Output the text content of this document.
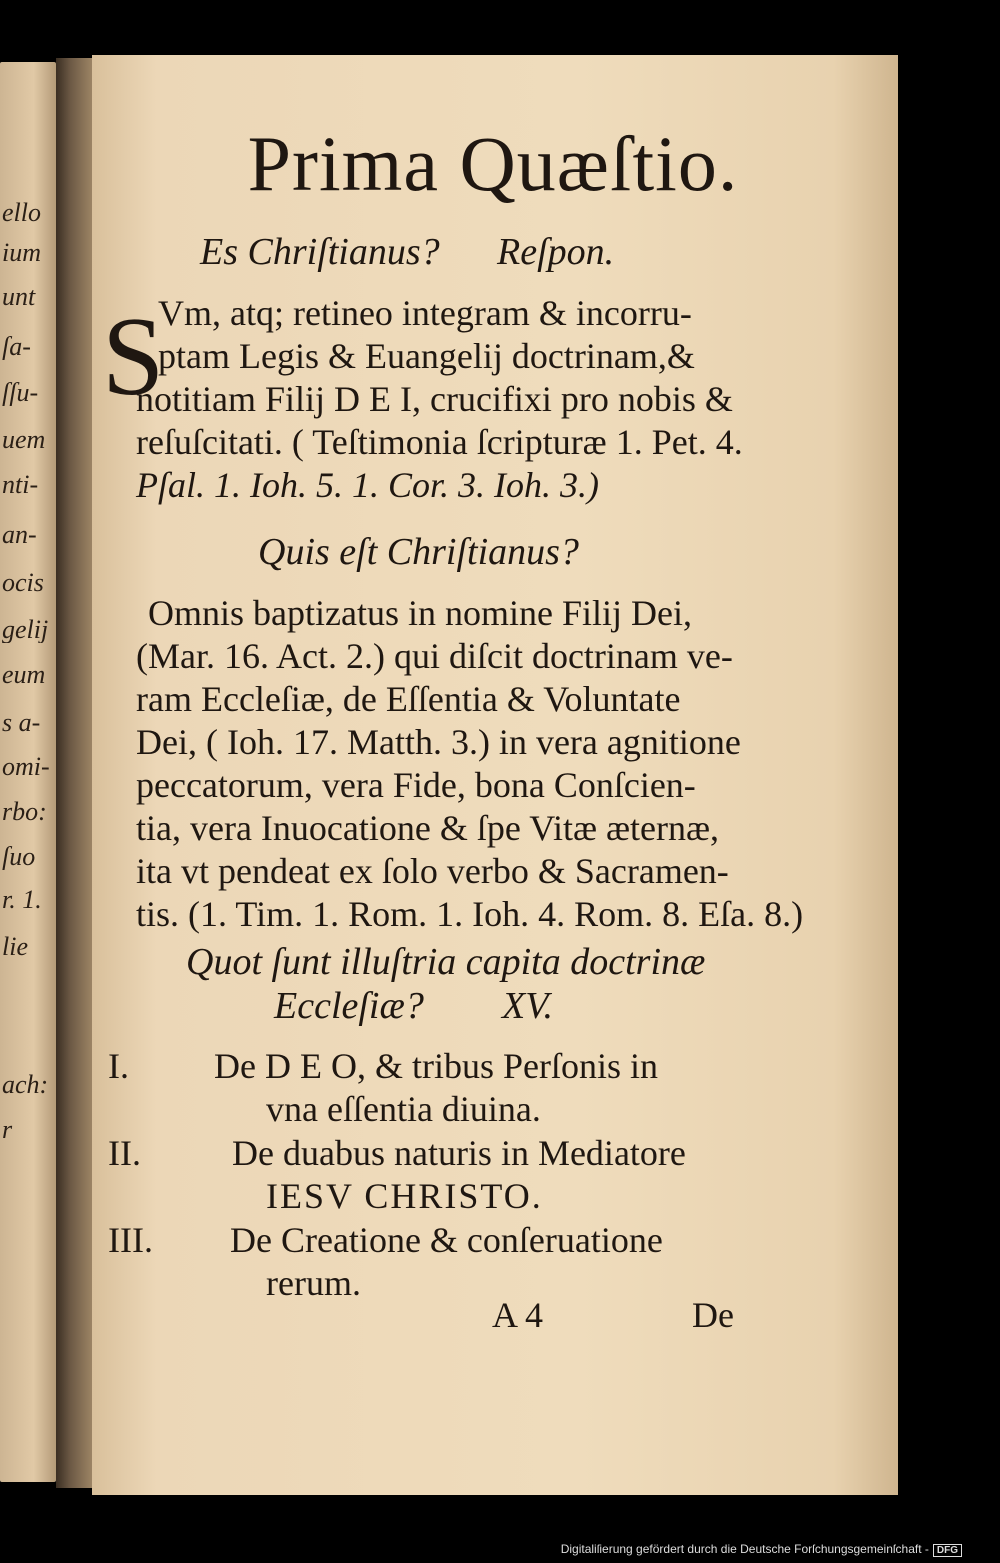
ello
ium
unt
ſa-
ſſu-
uem
nti-
an-
ocis
gelij
eum
s a-
omi-
rbo:
ſuo
r. 1.
lie
ach:
r
Prima Quæſtio.
Es Chriſtianus? Reſpon.
S
Vm, atq; retineo integram & incorru-
ptam Legis & Euangelij doctrinam,&
notitiam Filij D E I, crucifixi pro nobis &
reſuſcitati. ( Teſtimonia ſcripturæ 1. Pet. 4.
Pſal. 1. Ioh. 5. 1. Cor. 3. Ioh. 3.)
Quis eſt Chriſtianus?
Omnis baptizatus in nomine Filij Dei,
(Mar. 16. Act. 2.) qui diſcit doctrinam ve-
ram Eccleſiæ, de Eſſentia & Voluntate
Dei, ( Ioh. 17. Matth. 3.) in vera agnitione
peccatorum, vera Fide, bona Conſcien-
tia, vera Inuocatione & ſpe Vitæ æternæ,
ita vt pendeat ex ſolo verbo & Sacramen-
tis. (1. Tim. 1. Rom. 1. Ioh. 4. Rom. 8. Eſa. 8.)
Quot ſunt illuſtria capita doctrinæ
Eccleſiæ? XV.
I. De D E O, & tribus Perſonis in
vna eſſentia diuina.
II.	De duabus naturis in Mediatore
IESV CHRISTO.
III. De Creatione & conſeruatione
rerum.
A 4	De
Digitaliſierung gefördert durch die Deutsche Forſchungsgemeinſchaft - DFG
